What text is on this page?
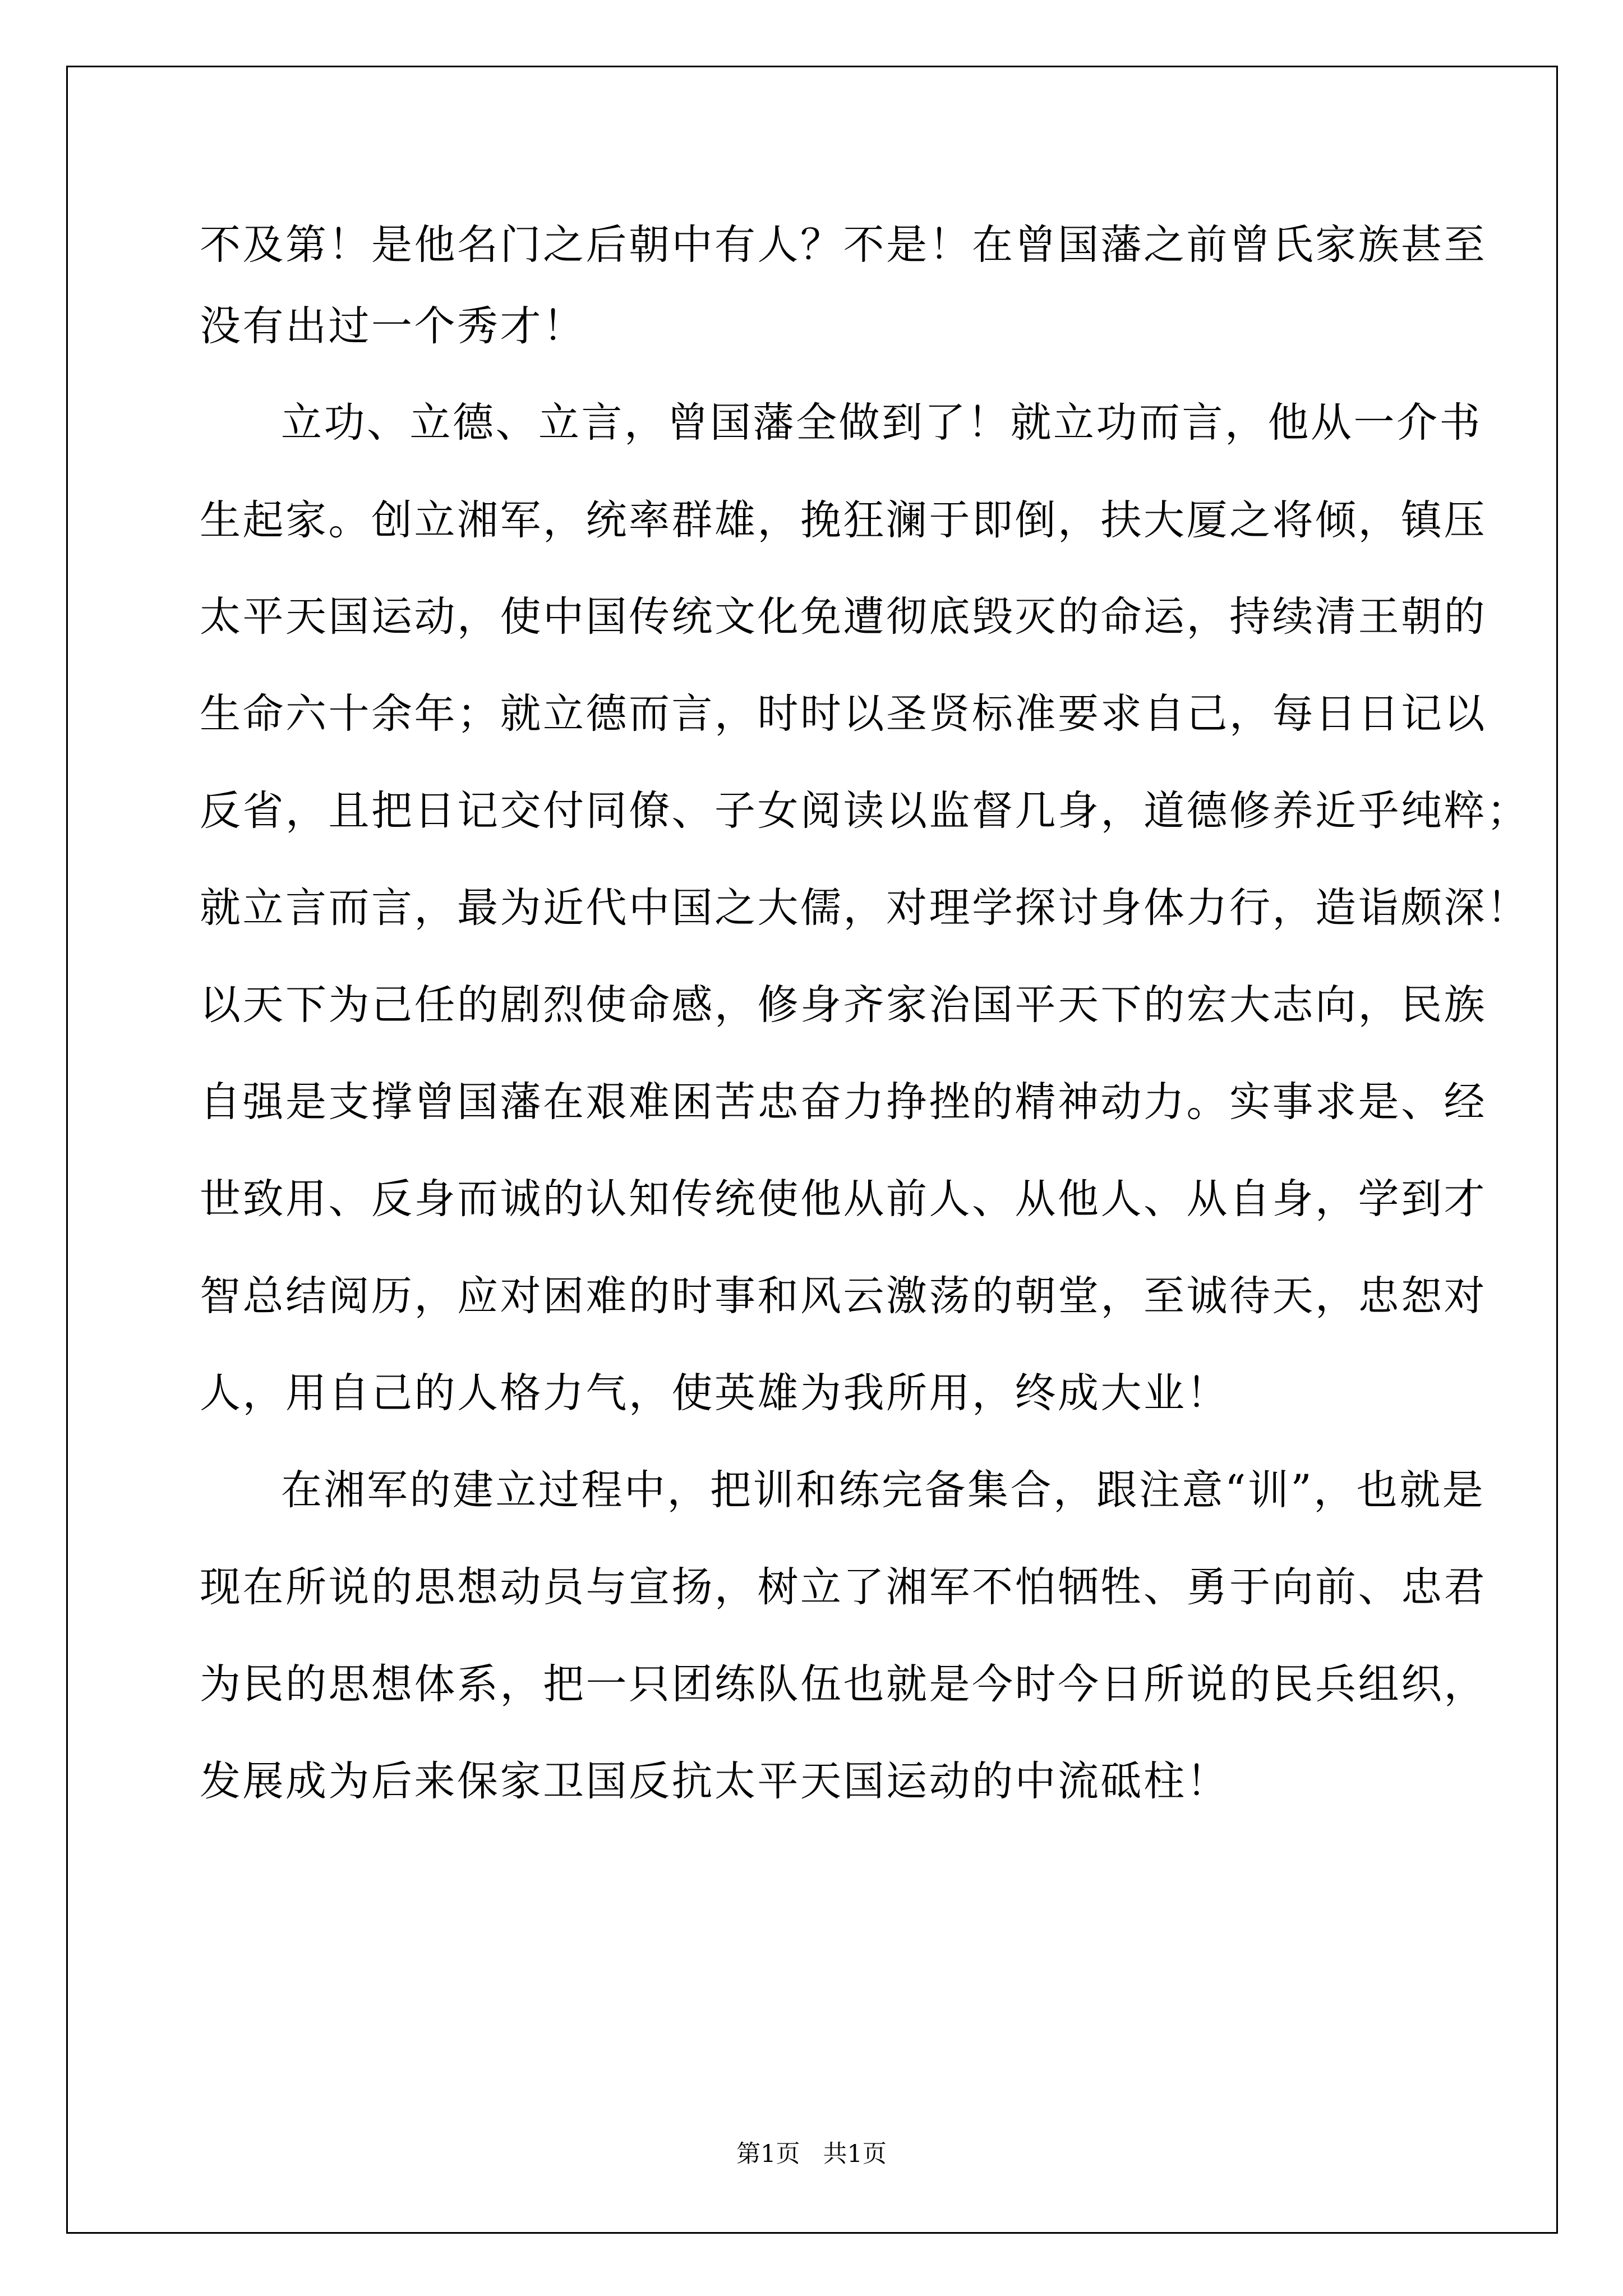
不及第！是他名门之后朝中有人？不是！在曾国藩之前曾氏家族甚至
没有出过一个秀才！
立功、立德、立言，曾国藩全做到了！就立功而言，他从一介书
生起家。创立湘军，统率群雄，挽狂澜于即倒，扶大厦之将倾，镇压
太平天国运动，使中国传统文化免遭彻底毁灭的命运，持续清王朝的
生命六十余年；就立德而言，时时以圣贤标准要求自己，每日日记以
反省，且把日记交付同僚、子女阅读以监督几身，道德修养近乎纯粹；
就立言而言，最为近代中国之大儒，对理学探讨身体力行，造诣颇深！
以天下为己任的剧烈使命感，修身齐家治国平天下的宏大志向，民族
自强是支撑曾国藩在艰难困苦忠奋力挣挫的精神动力。实事求是、经
世致用、反身而诚的认知传统使他从前人、从他人、从自身，学到才
智总结阅历，应对困难的时事和风云激荡的朝堂，至诚待天，忠恕对
人，用自己的人格力气，使英雄为我所用，终成大业！
在湘军的建立过程中，把训和练完备集合，跟注意“训”，也就是
现在所说的思想动员与宣扬，树立了湘军不怕牺牲、勇于向前、忠君
为民的思想体系，把一只团练队伍也就是今时今日所说的民兵组织，
发展成为后来保家卫国反抗太平天国运动的中流砥柱！
第1页   共1页
